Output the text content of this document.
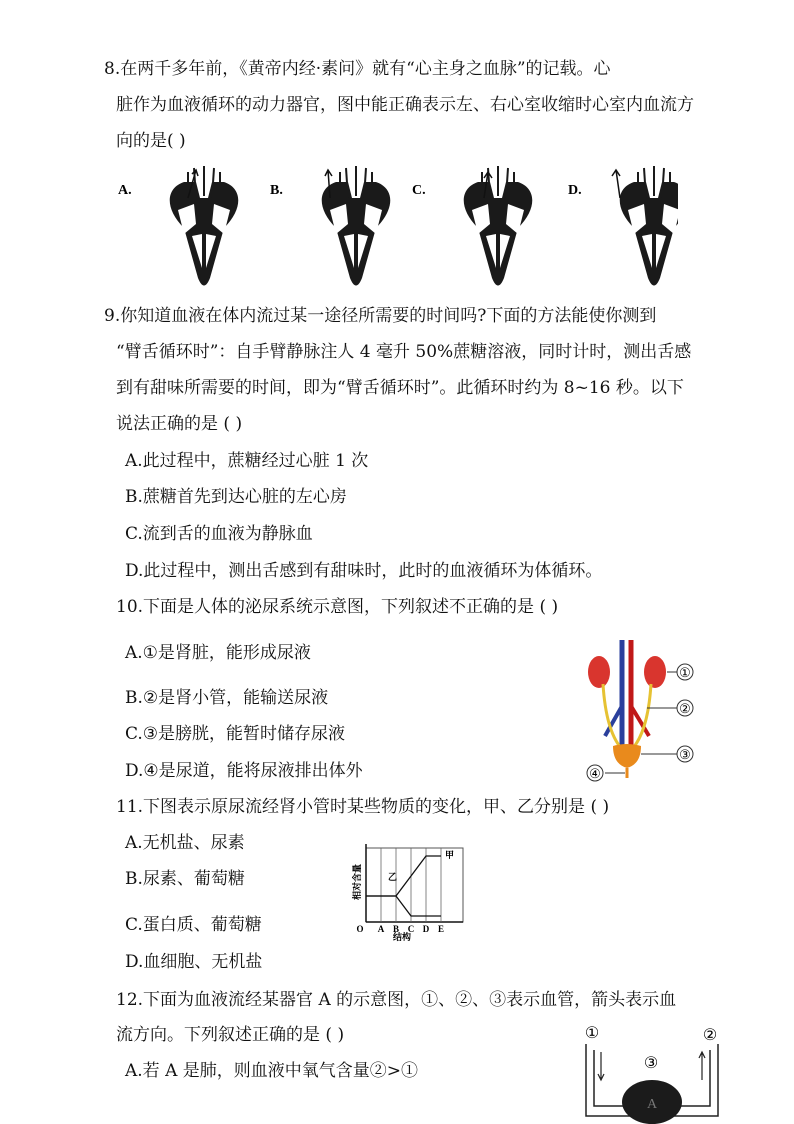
8.在两千多年前，《黄帝内经·素问》就有“心主身之血脉”的记载。心
脏作为血液循环的动力器官，图中能正确表示左、右心室收缩时心室内血流方
向的是( )
A.	B.	C.	D.
9.你知道血液在体内流过某一途径所需要的时间吗?下面的方法能使你测到
“臂舌循环时”：自手臂静脉注人 4 毫升 50%蔗糖溶液，同时计时，测出舌感
到有甜味所需要的时间，即为“臂舌循环时”。此循环时约为 8~16 秒。以下
说法正确的是 ( )
A.此过程中，蔗糖经过心脏 1 次
B.蔗糖首先到达心脏的左心房
C.流到舌的血液为静脉血
D.此过程中，测出舌感到有甜味时，此时的血液循环为体循环。
10.下面是人体的泌尿系统示意图，下列叙述不正确的是 ( )
A.①是肾脏，能形成尿液
B.②是肾小管，能输送尿液
C.③是膀胱，能暂时储存尿液
D.④是尿道，能将尿液排出体外
①
②
③
④
11.下图表示原尿流经肾小管时某些物质的变化，甲、乙分别是 ( )
A.无机盐、尿素
B.尿素、葡萄糖
C.蛋白质、葡萄糖
D.血细胞、无机盐
相对含量
结构
O A B C D E
甲
乙
12.下面为血液流经某器官 A 的示意图，①、②、③表示血管，箭头表示血
流方向。下列叙述正确的是 ( )
A.若 A 是肺，则血液中氧气含量②>①
①	②
③
A
